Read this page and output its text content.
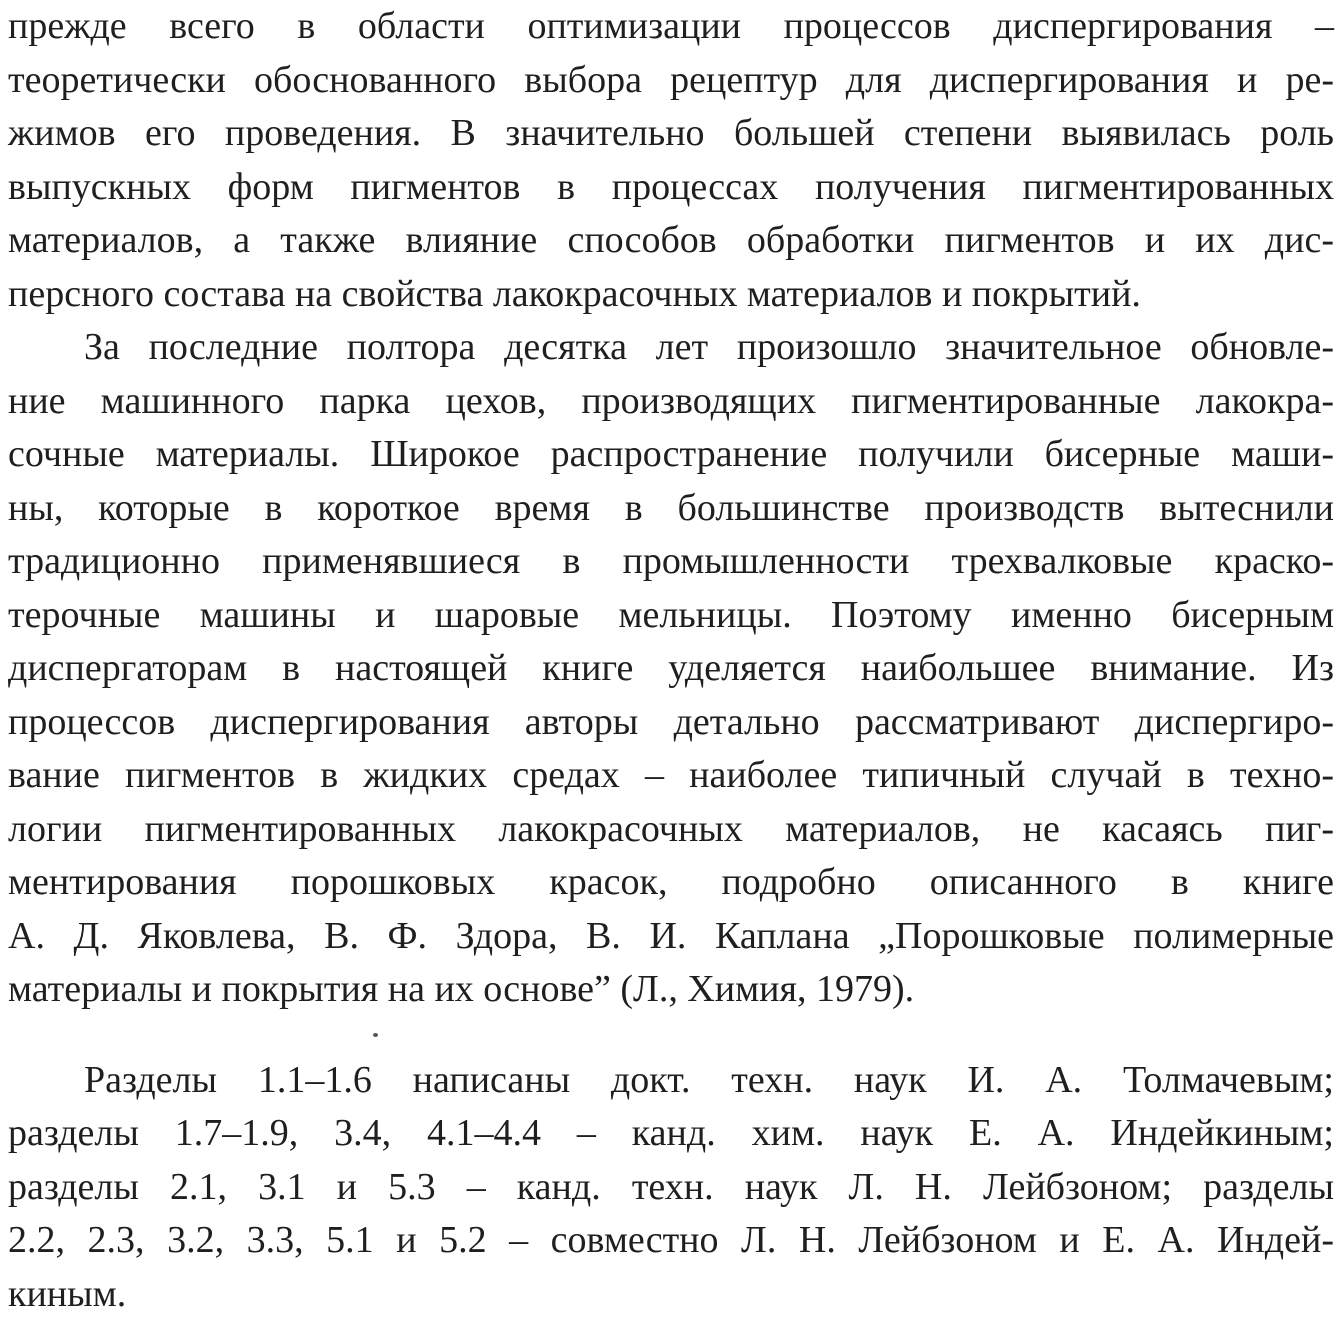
прежде всего в области оптимизации процессов диспергирования –
теоретически обоснованного выбора рецептур для диспергирования и ре-
жимов его проведения. В значительно большей степени выявилась роль
выпускных форм пигментов в процессах получения пигментированных
материалов, а также влияние способов обработки пигментов и их дис-
персного состава на свойства лакокрасочных материалов и покрытий.
За последние полтора десятка лет произошло значительное обновле-
ние машинного парка цехов, производящих пигментированные лакокра-
сочные материалы. Широкое распространение получили бисерные маши-
ны, которые в короткое время в большинстве производств вытеснили
традиционно применявшиеся в промышленности трехвалковые краско-
терочные машины и шаровые мельницы. Поэтому именно бисерным
диспергаторам в настоящей книге уделяется наибольшее внимание. Из
процессов диспергирования авторы детально рассматривают диспергиро-
вание пигментов в жидких средах – наиболее типичный случай в техно-
логии пигментированных лакокрасочных материалов, не касаясь пиг-
ментирования порошковых красок, подробно описанного в книге
А. Д. Яковлева, В. Ф. Здора, В. И. Каплана „Порошковые полимерные
материалы и покрытия на их основе” (Л., Химия, 1979).
Разделы 1.1–1.6 написаны докт. техн. наук И. А. Толмачевым;
разделы 1.7–1.9, 3.4, 4.1–4.4 – канд. хим. наук Е. А. Индейкиным;
разделы 2.1, 3.1 и 5.3 – канд. техн. наук Л. Н. Лейбзоном; разделы
2.2, 2.3, 3.2, 3.3, 5.1 и 5.2 – совместно Л. Н. Лейбзоном и Е. А. Индей-
киным.
